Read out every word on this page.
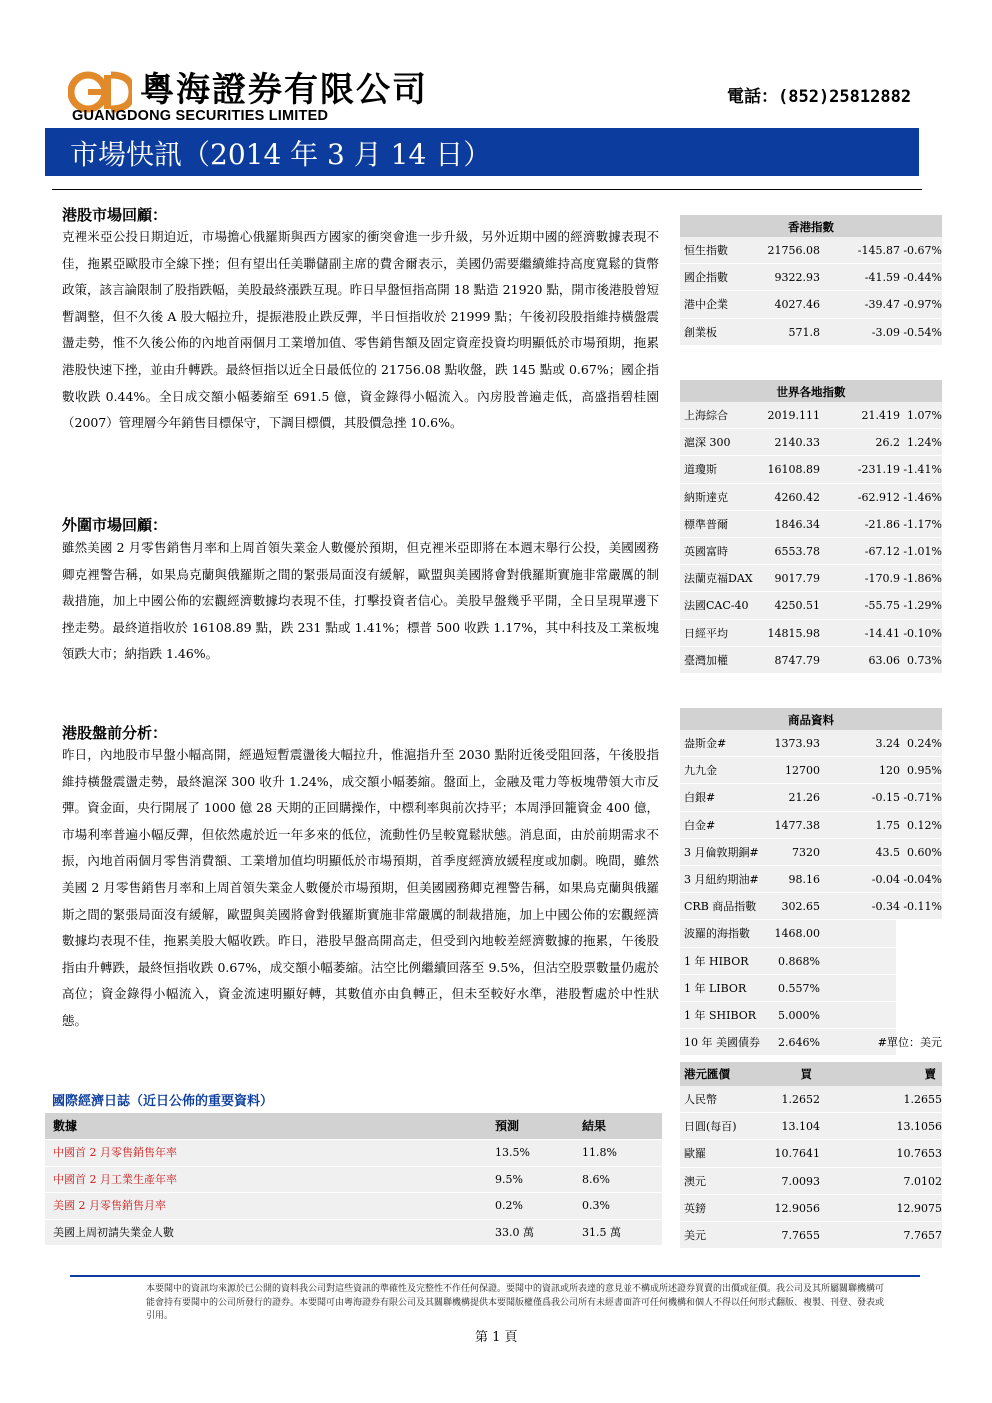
粵海證券有限公司
GUANGDONG SECURITIES LIMITED
電話：(852)25812882
市場快訊（2014 年 3 月 14 日）
港股市場回顧：
克裡米亞公投日期迫近，市場擔心俄羅斯與西方國家的衝突會進一步升級，另外近期中國的經濟數據表現不佳，拖累亞歐股市全線下挫；但有望出任美聯儲副主席的費舍爾表示，美國仍需要繼續維持高度寬鬆的貨幣政策，該言論限制了股指跌幅，美股最終漲跌互現。昨日早盤恒指高開 18 點造 21920 點，開市後港股曾短暫調整，但不久後 A 股大幅拉升，提振港股止跌反彈，半日恒指收於 21999 點；午後初段股指維持橫盤震盪走勢，惟不久後公佈的內地首兩個月工業增加值、零售銷售額及固定資産投資均明顯低於市場預期，拖累港股快速下挫，並由升轉跌。最終恒指以近全日最低位的 21756.08 點收盤，跌 145 點或 0.67%；國企指數收跌 0.44%。全日成交額小幅萎縮至 691.5 億，資金錄得小幅流入。內房股普遍走低，高盛指碧桂園（2007）管理層今年銷售目標保守，下調目標價，其股價急挫 10.6%。
外圍市場回顧：
雖然美國 2 月零售銷售月率和上周首領失業金人數優於預期，但克裡米亞即將在本週末舉行公投，美國國務卿克裡警告稱，如果烏克蘭與俄羅斯之間的緊張局面沒有緩解，歐盟與美國將會對俄羅斯實施非常嚴厲的制裁措施，加上中國公佈的宏觀經濟數據均表現不佳，打擊投資者信心。美股早盤幾乎平開，全日呈現單邊下挫走勢。最終道指收於 16108.89 點，跌 231 點或 1.41%；標普 500 收跌 1.17%，其中科技及工業板塊領跌大市；納指跌 1.46%。
港股盤前分析：
昨日，內地股市早盤小幅高開，經過短暫震盪後大幅拉升，惟滬指升至 2030 點附近後受阻回落，午後股指維持橫盤震盪走勢，最終滬深 300 收升 1.24%，成交額小幅萎縮。盤面上，金融及電力等板塊帶領大市反彈。資金面，央行開展了 1000 億 28 天期的正回購操作，中標利率與前次持平；本周淨回籠資金 400 億，市場利率普遍小幅反彈，但依然處於近一年多來的低位，流動性仍呈較寬鬆狀態。消息面，由於前期需求不振，內地首兩個月零售消費額、工業增加值均明顯低於市場預期，首季度經濟放緩程度或加劇。晚間，雖然美國 2 月零售銷售月率和上周首領失業金人數優於市場預期，但美國國務卿克裡警告稱，如果烏克蘭與俄羅斯之間的緊張局面沒有緩解，歐盟與美國將會對俄羅斯實施非常嚴厲的制裁措施，加上中國公佈的宏觀經濟數據均表現不佳，拖累美股大幅收跌。昨日，港股早盤高開高走，但受到內地較差經濟數據的拖累，午後股指由升轉跌，最終恒指收跌 0.67%，成交額小幅萎縮。沽空比例繼續回落至 9.5%，但沽空股票數量仍處於高位；資金錄得小幅流入，資金流速明顯好轉，其數值亦由負轉正，但未至較好水準，港股暫處於中性狀態。
香港指數
恒生指數	21756.08	-145.87 -0.67%
國企指數	9322.93	-41.59 -0.44%
港中企業	4027.46	-39.47 -0.97%
創業板	571.8	-3.09 -0.54%
世界各地指數
上海綜合	2019.111	21.419 1.07%
滬深 300	2140.33	26.2 1.24%
道瓊斯	16108.89	-231.19 -1.41%
納斯達克	4260.42	-62.912 -1.46%
標準普爾	1846.34	-21.86 -1.17%
英國富時	6553.78	-67.12 -1.01%
法蘭克福DAX 9017.79	-170.9 -1.86%
法國CAC-40 4250.51	-55.75 -1.29%
日經平均	14815.98	-14.41 -0.10%
臺灣加權	8747.79	63.06 0.73%
商品資料
盎斯金#	1373.93	3.24 0.24%
九九金	12700	120 0.95%
白銀#	21.26	-0.15 -0.71%
白金#	1477.38	1.75 0.12%
3 月倫敦期銅#	7320	43.5 0.60%
3 月紐約期油#	98.16	-0.04 -0.04%
CRB 商品指數 302.65	-0.34 -0.11%
波羅的海指數 1468.00
1 年 HIBOR	0.868%
1 年 LIBOR	0.557%
1 年 SHIBOR 5.000%
10 年 美國債券 2.646%	#單位：美元
港元匯價	買	賣
人民幣	1.2652	1.2655
日圓(每百)	13.104	13.1056
歐羅	10.7641	10.7653
澳元	7.0093	7.0102
英鎊	12.9056	12.9075
美元	7.7655	7.7657
國際經濟日誌（近日公佈的重要資料）
數據	預測	結果
中國首 2 月零售銷售年率	13.5%	11.8%
中國首 2 月工業生產年率	9.5%	8.6%
美國 2 月零售銷售月率	0.2%	0.3%
美國上周初請失業金人數	33.0 萬	31.5 萬
本要聞中的資訊均來源於已公開的資料我公司對這些資訊的準確性及完整性不作任何保證。要聞中的資訊或所表達的意見並不構成所述證券買賣的出價或征價。我公司及其所屬關聯機構可能會持有要聞中的公司所發行的證券。本要聞可由粵海證券有限公司及其關聯機構提供本要聞版權僅爲我公司所有未經書面許可任何機構和個人不得以任何形式翻版、複製、刊登、發表或引用。
第 1 頁
